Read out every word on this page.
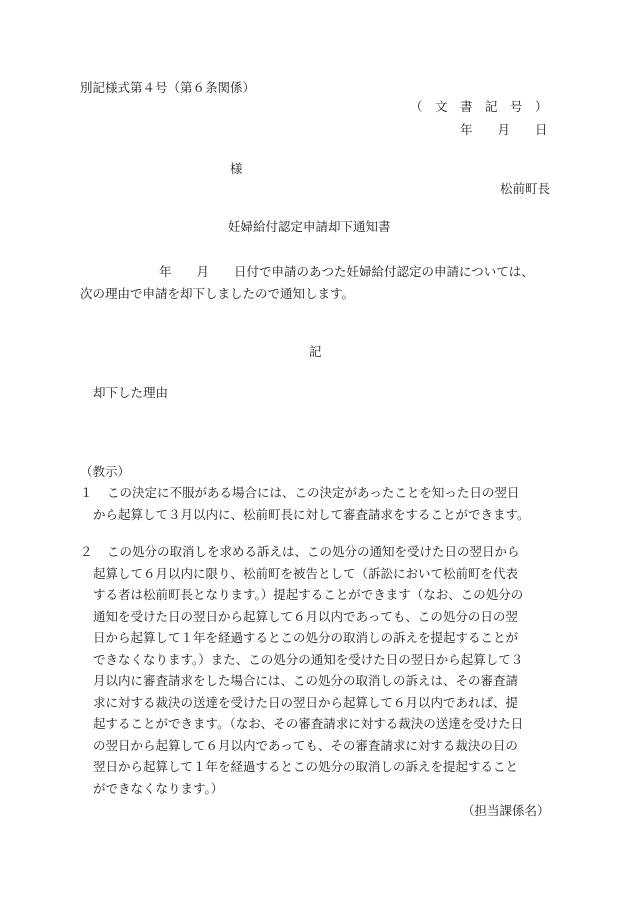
別記様式第４号（第６条関係）
（　文　書　記　号　）
年　　月　　日
様
松前町長
妊婦給付認定申請却下通知書
年　　月　　日付で申請のあつた妊婦給付認定の申請については、
次の理由で申請を却下しましたので通知します。
記
却下した理由
（教示）
１ この決定に不服がある場合には、この決定があったことを知った日の翌日
から起算して３月以内に、松前町長に対して審査請求をすることができます。
２ この処分の取消しを求める訴えは、この処分の通知を受けた日の翌日から
起算して６月以内に限り、松前町を被告として（訴訟において松前町を代表
する者は松前町長となります。）提起することができます（なお、この処分の
通知を受けた日の翌日から起算して６月以内であっても、この処分の日の翌
日から起算して１年を経過するとこの処分の取消しの訴えを提起することが
できなくなります。）また、この処分の通知を受けた日の翌日から起算して３
月以内に審査請求をした場合には、この処分の取消しの訴えは、その審査請
求に対する裁決の送達を受けた日の翌日から起算して６月以内であれば、提
起することができます。（なお、その審査請求に対する裁決の送達を受けた日
の翌日から起算して６月以内であっても、その審査請求に対する裁決の日の
翌日から起算して１年を経過するとこの処分の取消しの訴えを提起すること
ができなくなります。）
（担当課係名）
